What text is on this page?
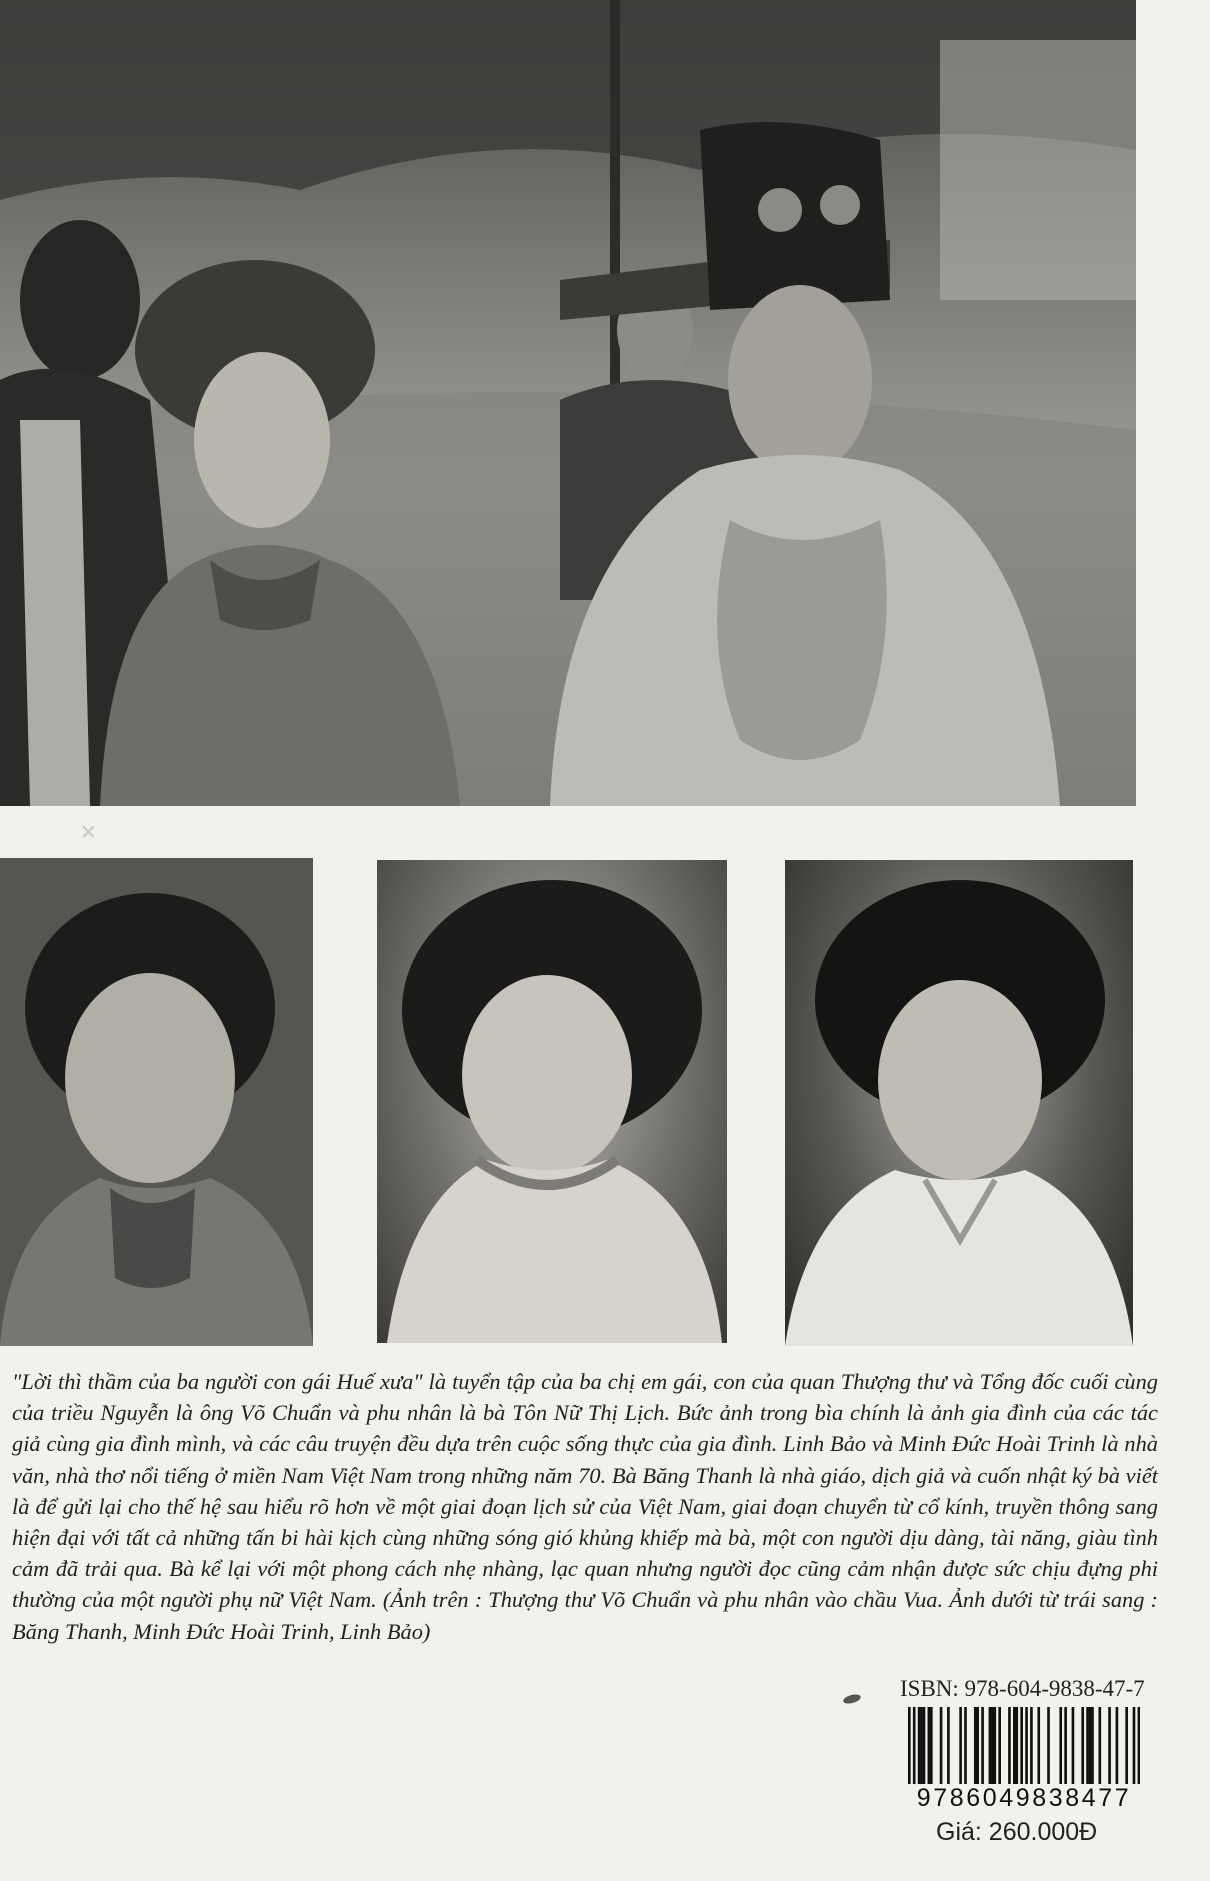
✕

"Lời thì thầm của ba người con gái Huế xưa" là tuyển tập của ba chị em gái, con của quan Thượng thư và Tổng đốc cuối cùng của triều Nguyễn là ông Võ Chuẩn và phu nhân là bà Tôn Nữ Thị Lịch. Bức ảnh trong bìa chính là ảnh gia đình của các tác giả cùng gia đình mình, và các câu truyện đều dựa trên cuộc sống thực của gia đình. Linh Bảo và Minh Đức Hoài Trinh là nhà văn, nhà thơ nổi tiếng ở miền Nam Việt Nam trong những năm 70. Bà Băng Thanh là nhà giáo, dịch giả và cuốn nhật ký bà viết là để gửi lại cho thế hệ sau hiểu rõ hơn về một giai đoạn lịch sử của Việt Nam, giai đoạn chuyển từ cổ kính, truyền thông sang hiện đại với tất cả những tấn bi hài kịch cùng những sóng gió khủng khiếp mà bà, một con người dịu dàng, tài năng, giàu tình cảm đã trải qua. Bà kể lại với một phong cách nhẹ nhàng, lạc quan nhưng người đọc cũng cảm nhận được sức chịu đựng phi thường của một người phụ nữ Việt Nam. (Ảnh trên : Thượng thư Võ Chuẩn và phu nhân vào chầu Vua. Ảnh dưới từ trái sang : Băng Thanh, Minh Đức Hoài Trinh, Linh Bảo)

ISBN: 978-604-9838-47-7
9786049838477
Giá: 260.000Đ
